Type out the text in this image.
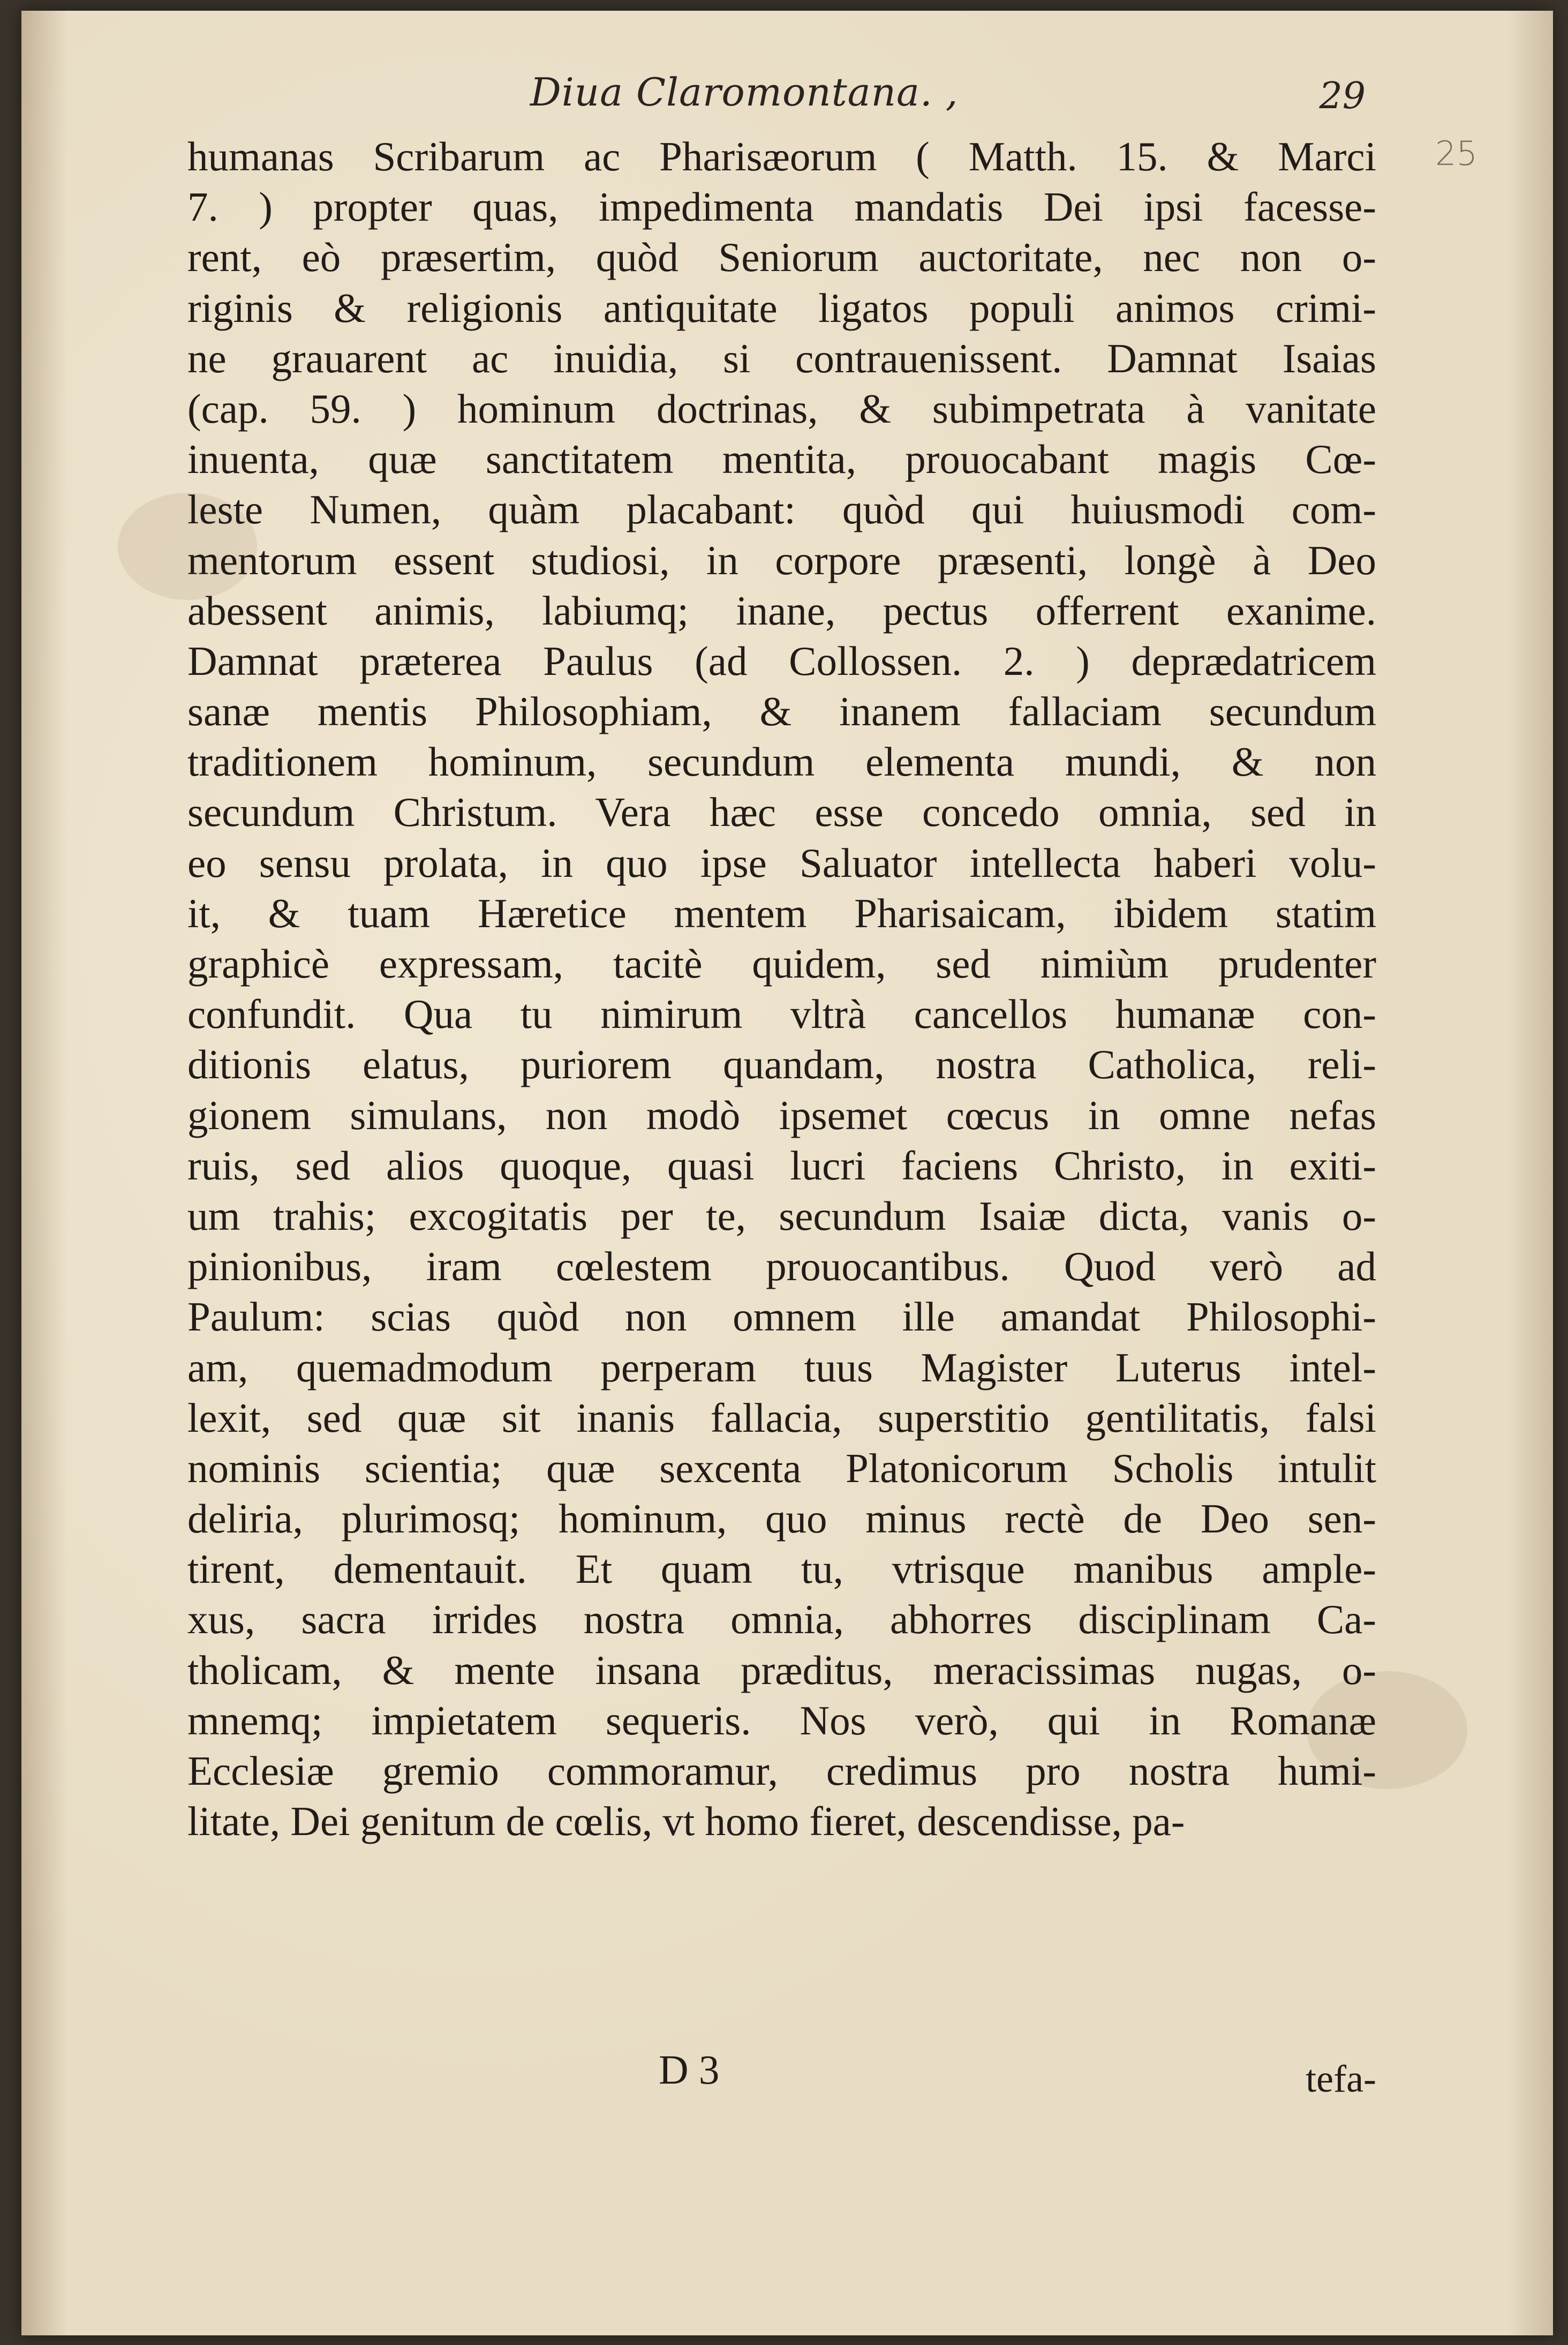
Diua Claromontana. ,	29
25
humanas Scribarum ac Pharisæorum ( Matth. 15. & Marci
7. ) propter quas, impedimenta mandatis Dei ipsi facesse-
rent, eò præsertim, quòd Seniorum auctoritate, nec non o-
riginis & religionis antiquitate ligatos populi animos crimi-
ne grauarent ac inuidia, si contrauenissent. Damnat Isaias
(cap. 59. ) hominum doctrinas, & subimpetrata à vanitate
inuenta, quæ sanctitatem mentita, prouocabant magis Cœ-
leste Numen, quàm placabant: quòd qui huiusmodi com-
mentorum essent studiosi, in corpore præsenti, longè à Deo
abessent animis, labiumq; inane, pectus offerrent exanime.
Damnat præterea Paulus (ad Collossen. 2. ) deprædatricem
sanæ mentis Philosophiam, & inanem fallaciam secundum
traditionem hominum, secundum elementa mundi, & non
secundum Christum. Vera hæc esse concedo omnia, sed in
eo sensu prolata, in quo ipse Saluator intellecta haberi volu-
it, & tuam Hæretice mentem Pharisaicam, ibidem statim
graphicè expressam, tacitè quidem, sed nimiùm prudenter
confundit. Qua tu nimirum vltrà cancellos humanæ con-
ditionis elatus, puriorem quandam, nostra Catholica, reli-
gionem simulans, non modò ipsemet cœcus in omne nefas
ruis, sed alios quoque, quasi lucri faciens Christo, in exiti-
um trahis; excogitatis per te, secundum Isaiæ dicta, vanis o-
pinionibus, iram cœlestem prouocantibus. Quod verò ad
Paulum: scias quòd non omnem ille amandat Philosophi-
am, quemadmodum perperam tuus Magister Luterus intel-
lexit, sed quæ sit inanis fallacia, superstitio gentilitatis, falsi
nominis scientia; quæ sexcenta Platonicorum Scholis intulit
deliria, plurimosq; hominum, quo minus rectè de Deo sen-
tirent, dementauit. Et quam tu, vtrisque manibus ample-
xus, sacra irrides nostra omnia, abhorres disciplinam Ca-
tholicam, & mente insana præditus, meracissimas nugas, o-
mnemq; impietatem sequeris. Nos verò, qui in Romanæ
Ecclesiæ gremio commoramur, credimus pro nostra humi-
litate, Dei genitum de cœlis, vt homo fieret, descendisse, pa-
D 3	tefa-
